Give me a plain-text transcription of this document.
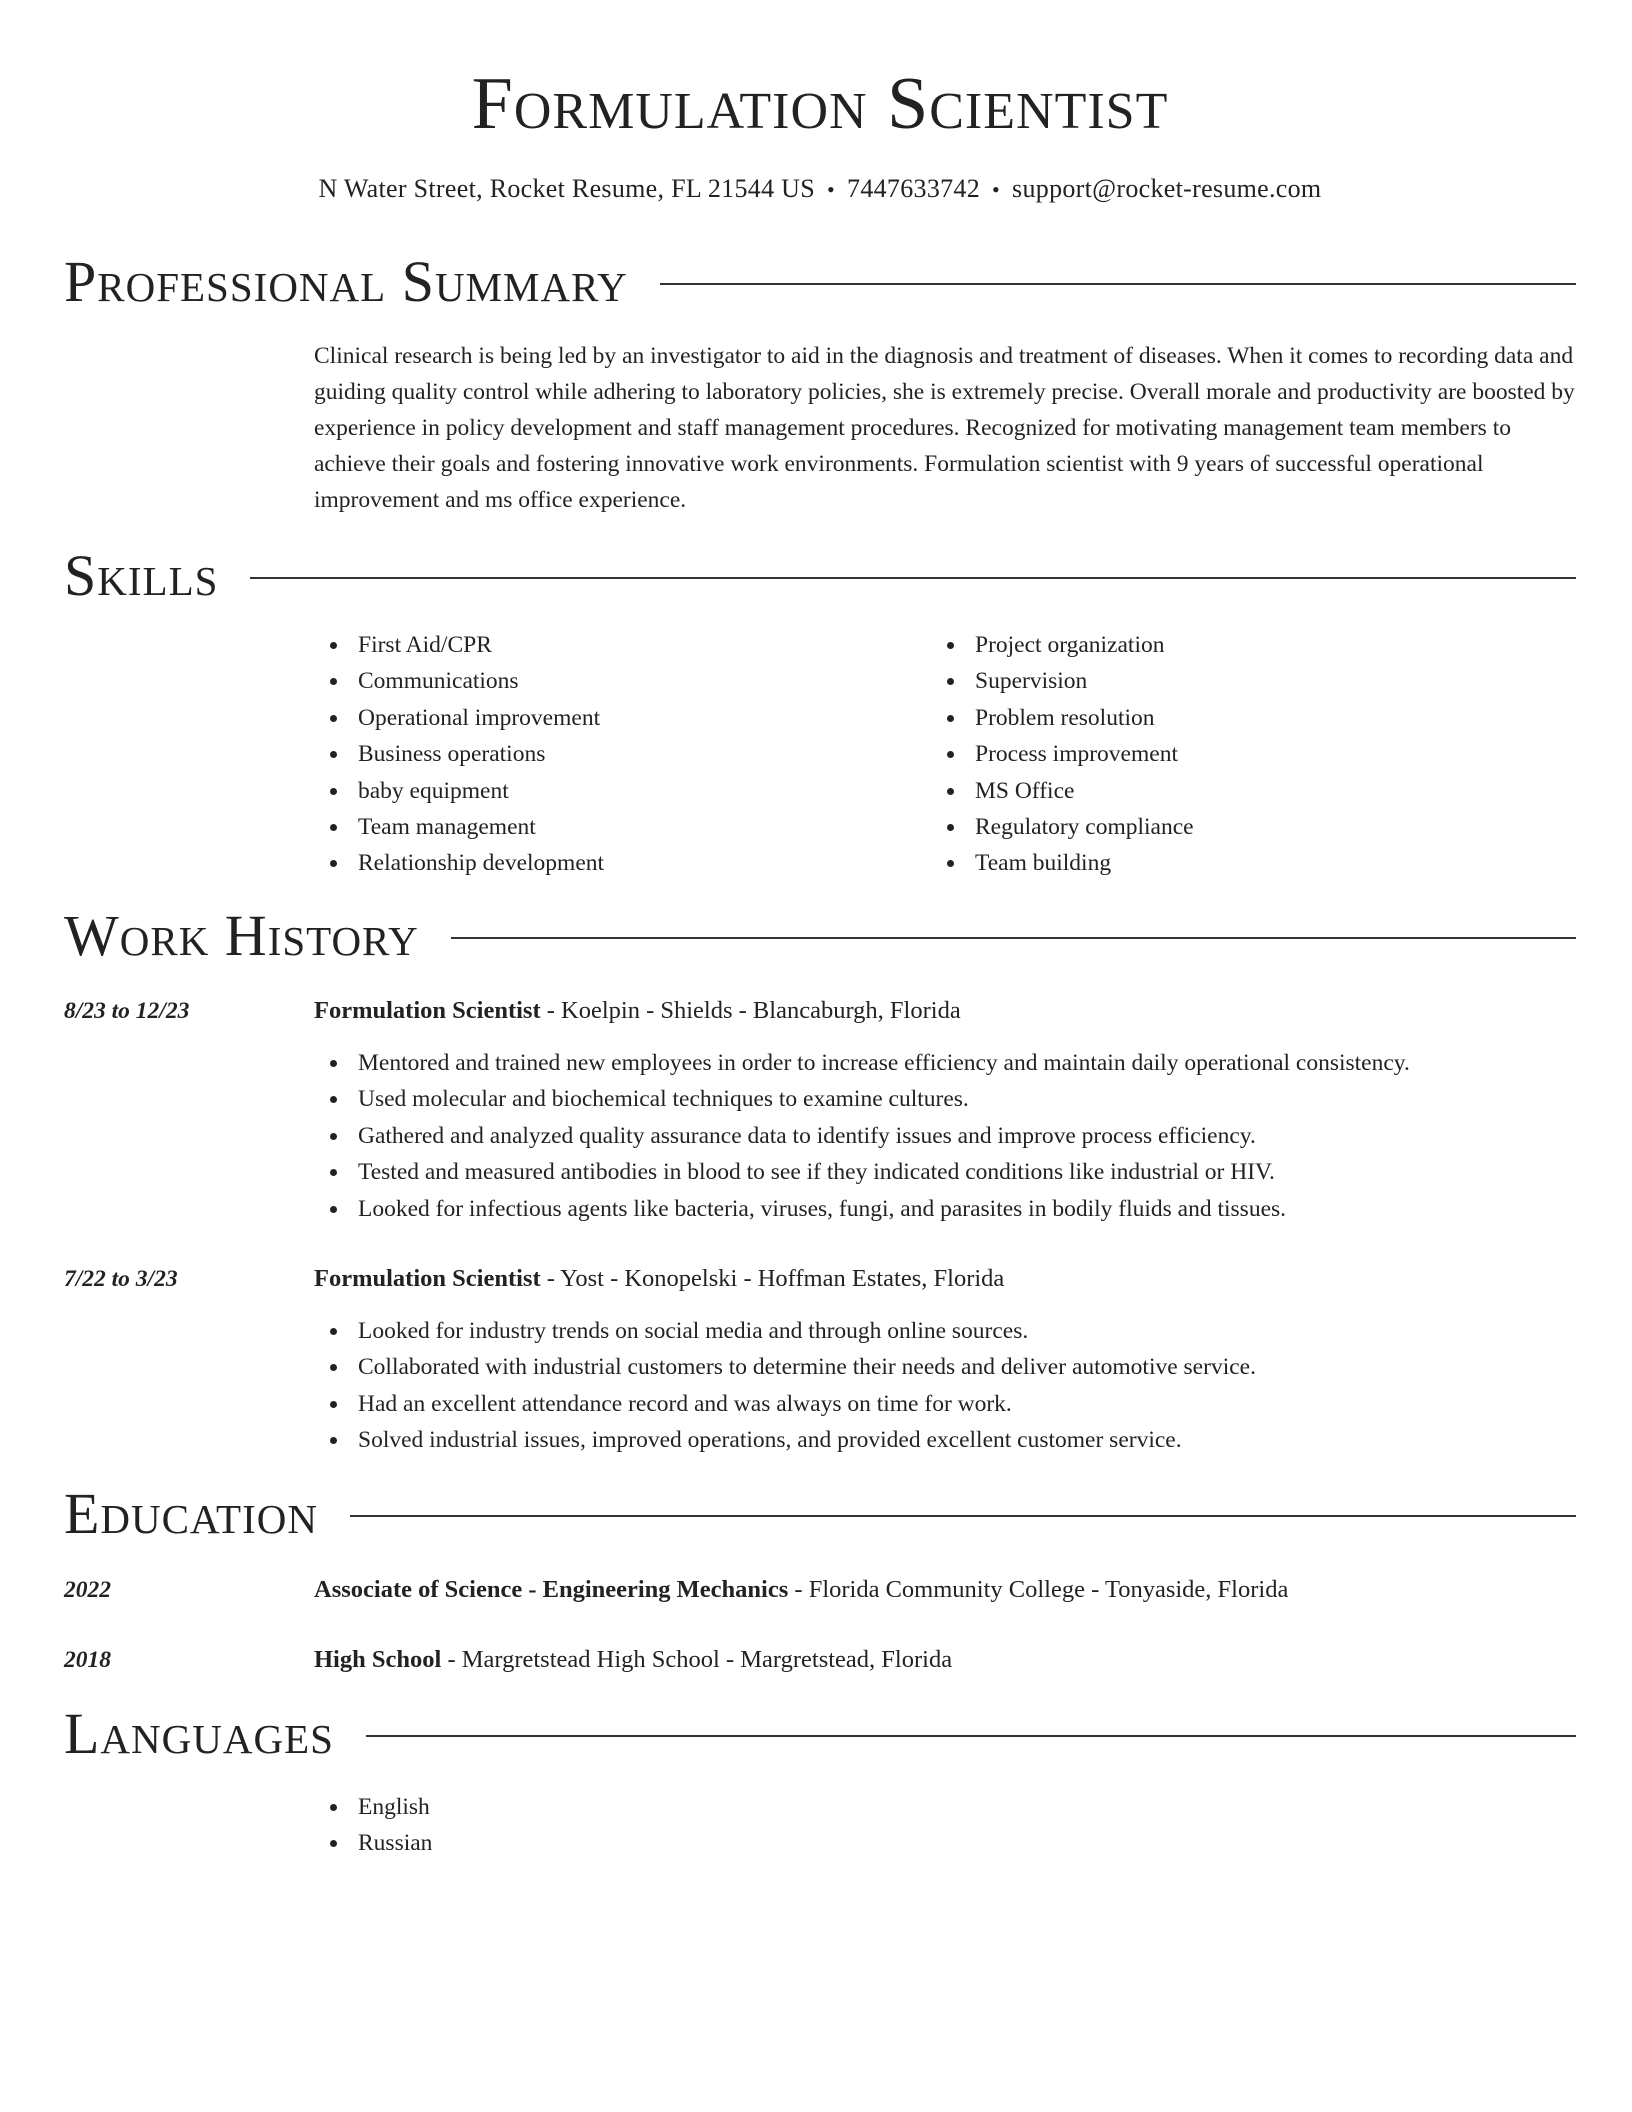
Formulation Scientist
N Water Street, Rocket Resume, FL 21544 US • 7447633742 • support@rocket-resume.com
Professional Summary

Clinical research is being led by an investigator to aid in the diagnosis and treatment of diseases. When it comes to recording data and guiding quality control while adhering to laboratory policies, she is extremely precise. Overall morale and productivity are boosted by experience in policy development and staff management procedures. Recognized for motivating management team members to achieve their goals and fostering innovative work environments. Formulation scientist with 9 years of successful operational improvement and ms office experience.

Skills
First Aid/CPR
Communications
Operational improvement
Business operations
baby equipment
Team management
Relationship development
Project organization
Supervision
Problem resolution
Process improvement
MS Office
Regulatory compliance
Team building
Work History
8/23 to 12/23	Formulation Scientist - Koelpin - Shields - Blancaburgh, Florida

Mentored and trained new employees in order to increase efficiency and maintain daily operational consistency.
Used molecular and biochemical techniques to examine cultures.
Gathered and analyzed quality assurance data to identify issues and improve process efficiency.
Tested and measured antibodies in blood to see if they indicated conditions like industrial or HIV.
Looked for infectious agents like bacteria, viruses, fungi, and parasites in bodily fluids and tissues.
7/22 to 3/23	Formulation Scientist - Yost - Konopelski - Hoffman Estates, Florida

Looked for industry trends on social media and through online sources.
Collaborated with industrial customers to determine their needs and deliver automotive service.
Had an excellent attendance record and was always on time for work.
Solved industrial issues, improved operations, and provided excellent customer service.
Education
2022	Associate of Science - Engineering Mechanics - Florida Community College - Tonyaside, Florida

2018	High School - Margretstead High School - Margretstead, Florida

Languages
English
Russian
